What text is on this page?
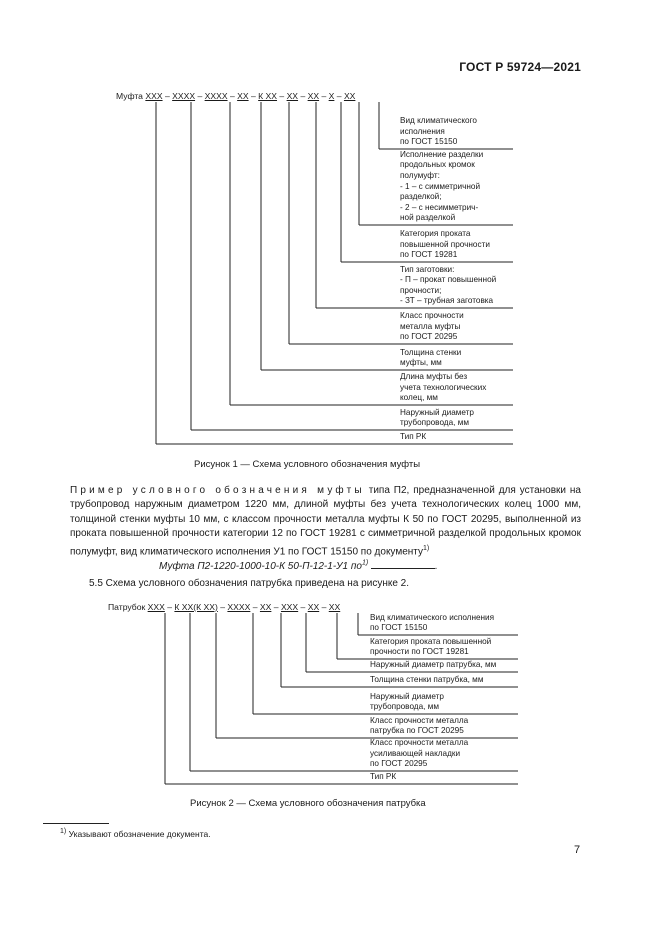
ГОСТ Р 59724—2021
Муфта ХХХ – ХХХХ – ХХХХ – ХХ – К ХХ – ХХ – ХХ – Х – ХХ
Вид климатического
исполнения
по ГОСТ 15150
Исполнение разделки
продольных кромок
полумуфт:
- 1 – с симметричной
разделкой;
- 2 – с несимметрич-
ной разделкой
Категория проката
повышенной прочности
по ГОСТ 19281
Тип заготовки:
- П – прокат повышенной
прочности;
- ЗТ – трубная заготовка
Класс прочности
металла муфты
по ГОСТ 20295
Толщина стенки
муфты, мм
Длина муфты без
учета технологических
колец, мм
Наружный диаметр
трубопровода, мм
Тип РК
Рисунок 1 — Схема условного обозначения муфты
Пример условного обозначения муфты типа П2, предназначенной для установки на трубопровод наружным диаметром 1220 мм, длиной муфты без учета технологических колец 1000 мм, толщиной стенки муфты 10 мм, с классом прочности металла муфты К 50 по ГОСТ 20295, выполненной из проката повышенной прочности категории 12 по ГОСТ 19281 с симметричной разделкой продольных кромок полумуфт, вид климатического исполнения У1 по ГОСТ 15150 по документу$^{1)}$
Муфта П2-1220-1000-10-К 50-П-12-1-У1 $по^{1)}$	.
5.5 Схема условного обозначения патрубка приведена на рисунке 2.
Патрубок ХХХ – К ХХ(К ХХ) – ХХХХ – ХХ – ХХХ – ХХ – ХХ
Вид климатического исполнения
по ГОСТ 15150
Категория проката повышенной
прочности по ГОСТ 19281
Наружный диаметр патрубка, мм
Толщина стенки патрубка, мм
Наружный диаметр
трубопровода, мм
Класс прочности металла
патрубка по ГОСТ 20295
Класс прочности металла
усиливающей накладки
по ГОСТ 20295
Тип РК
Рисунок 2 — Схема условного обозначения патрубка
$^{1)}$ Указывают обозначение документа.
7
